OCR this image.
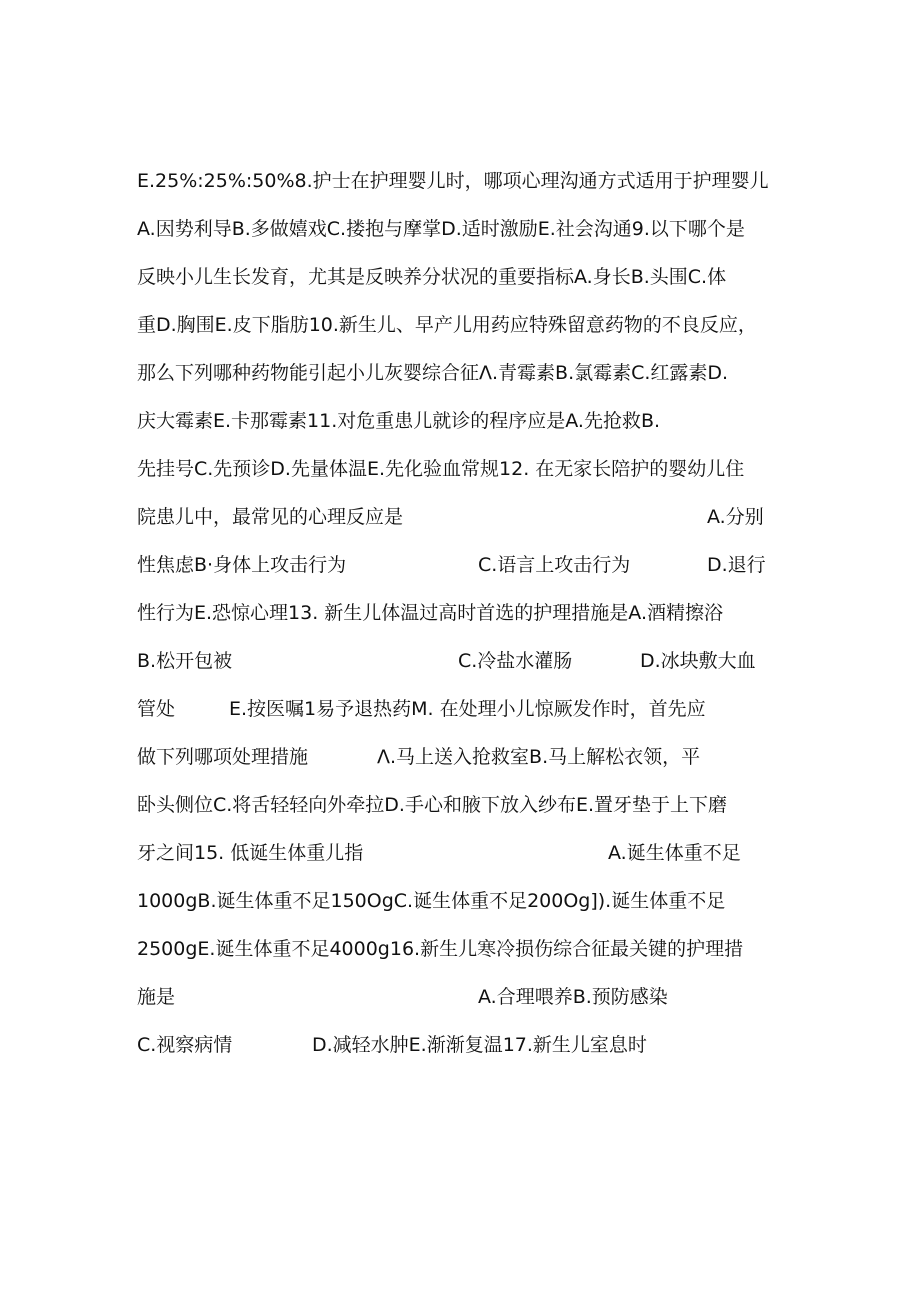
E.25%:25%:50%8.护士在护理婴儿时，哪项心理沟通方式适用于护理婴儿
A.因势利导B.多做嬉戏C.搂抱与摩掌D.适时激励E.社会沟通9.以下哪个是
反映小儿生长发育，尤其是反映养分状况的重要指标A.身长B.头围C.体
重D.胸围E.皮下脂肪10.新生儿、早产儿用药应特殊留意药物的不良反应，
那么下列哪种药物能引起小儿灰婴综合征Λ.青霉素B.氯霉素C.红露素D.
庆大霉素E.卡那霉素11.对危重患儿就诊的程序应是A.先抢救B.
先挂号C.先预诊D.先量体温E.先化验血常规12. 在无家长陪护的婴幼儿住
院患儿中，最常见的心理反应是	A.分别
性焦虑B·身体上攻击行为	C.语言上攻击行为	D.退行
性行为E.恐惊心理13. 新生儿体温过高时首选的护理措施是A.酒精擦浴
B.松开包被	C.冷盐水灌肠	D.冰块敷大血
管处	E.按医嘱1易予退热药M. 在处理小儿惊厥发作时，首先应
做下列哪项处理措施	Λ.马上送入抢救室B.马上解松衣领，平
卧头侧位C.将舌轻轻向外牵拉D.手心和腋下放入纱布E.置牙垫于上下磨
牙之间15. 低诞生体重儿指	A.诞生体重不足
1000gB.诞生体重不足150OgC.诞生体重不足200Og]).诞生体重不足
2500gE.诞生体重不足4000g16.新生儿寒冷损伤综合征最关键的护理措
施是	A.合理喂养B.预防感染
C.视察病情	D.减轻水肿E.渐渐复温17.新生儿室息时
